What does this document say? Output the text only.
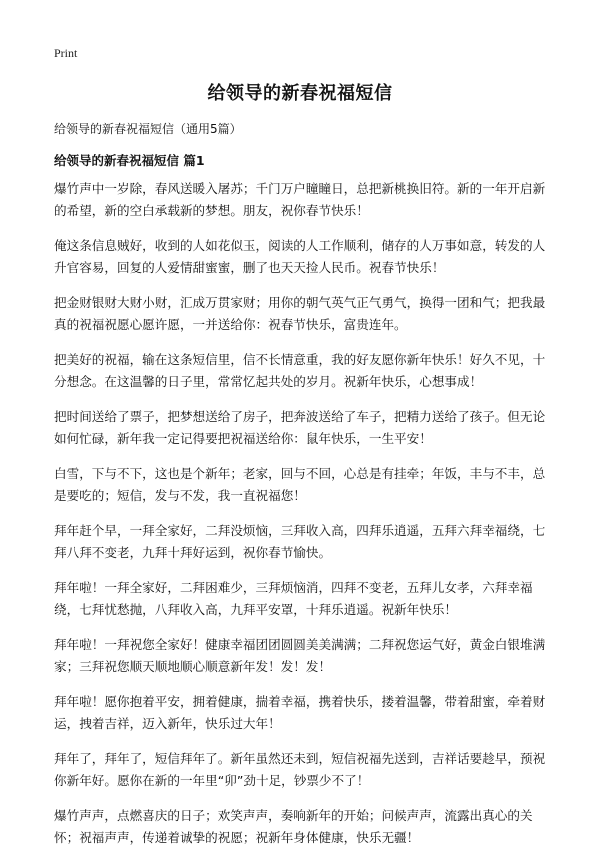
Print
给领导的新春祝福短信
给领导的新春祝福短信（通用5篇）
给领导的新春祝福短信 篇1

爆竹声中一岁除，春风送暖入屠苏；千门万户瞳瞳日，总把新桃换旧符。新的一年开启新的希望，新的空白承载新的梦想。朋友，祝你春节快乐！

俺这条信息贼好，收到的人如花似玉，阅读的人工作顺利，储存的人万事如意，转发的人升官容易，回复的人爱情甜蜜蜜，删了也天天捡人民币。祝春节快乐！

把金财银财大财小财，汇成万贯家财；用你的朝气英气正气勇气，换得一团和气；把我最真的祝福祝愿心愿许愿，一并送给你：祝春节快乐，富贵连年。

把美好的祝福，输在这条短信里，信不长情意重，我的好友愿你新年快乐！好久不见，十分想念。在这温馨的日子里，常常忆起共处的岁月。祝新年快乐，心想事成！

把时间送给了票子，把梦想送给了房子，把奔波送给了车子，把精力送给了孩子。但无论如何忙碌，新年我一定记得要把祝福送给你：鼠年快乐，一生平安！

白雪，下与不下，这也是个新年；老家，回与不回，心总是有挂牵；年饭，丰与不丰，总是要吃的；短信，发与不发，我一直祝福您！

拜年赶个早，一拜全家好，二拜没烦恼，三拜收入高，四拜乐逍遥，五拜六拜幸福绕，七拜八拜不变老，九拜十拜好运到，祝你春节愉快。

拜年啦！一拜全家好，二拜困难少，三拜烦恼消，四拜不变老，五拜儿女孝，六拜幸福绕，七拜忧愁抛，八拜收入高，九拜平安罩，十拜乐逍遥。祝新年快乐！

拜年啦！一拜祝您全家好！健康幸福团团圆圆美美满满；二拜祝您运气好，黄金白银堆满家；三拜祝您顺天顺地顺心顺意新年发！发！发！

拜年啦！愿你抱着平安，拥着健康，揣着幸福，携着快乐，搂着温馨，带着甜蜜，牵着财运，拽着吉祥，迈入新年，快乐过大年！

拜年了，拜年了，短信拜年了。新年虽然还未到，短信祝福先送到，吉祥话要趁早，预祝你新年好。愿你在新的一年里“卯”劲十足，钞票少不了！

爆竹声声，点燃喜庆的日子；欢笑声声，奏响新年的开始；问候声声，流露出真心的关怀；祝福声声，传递着诚挚的祝愿；祝新年身体健康，快乐无疆！
